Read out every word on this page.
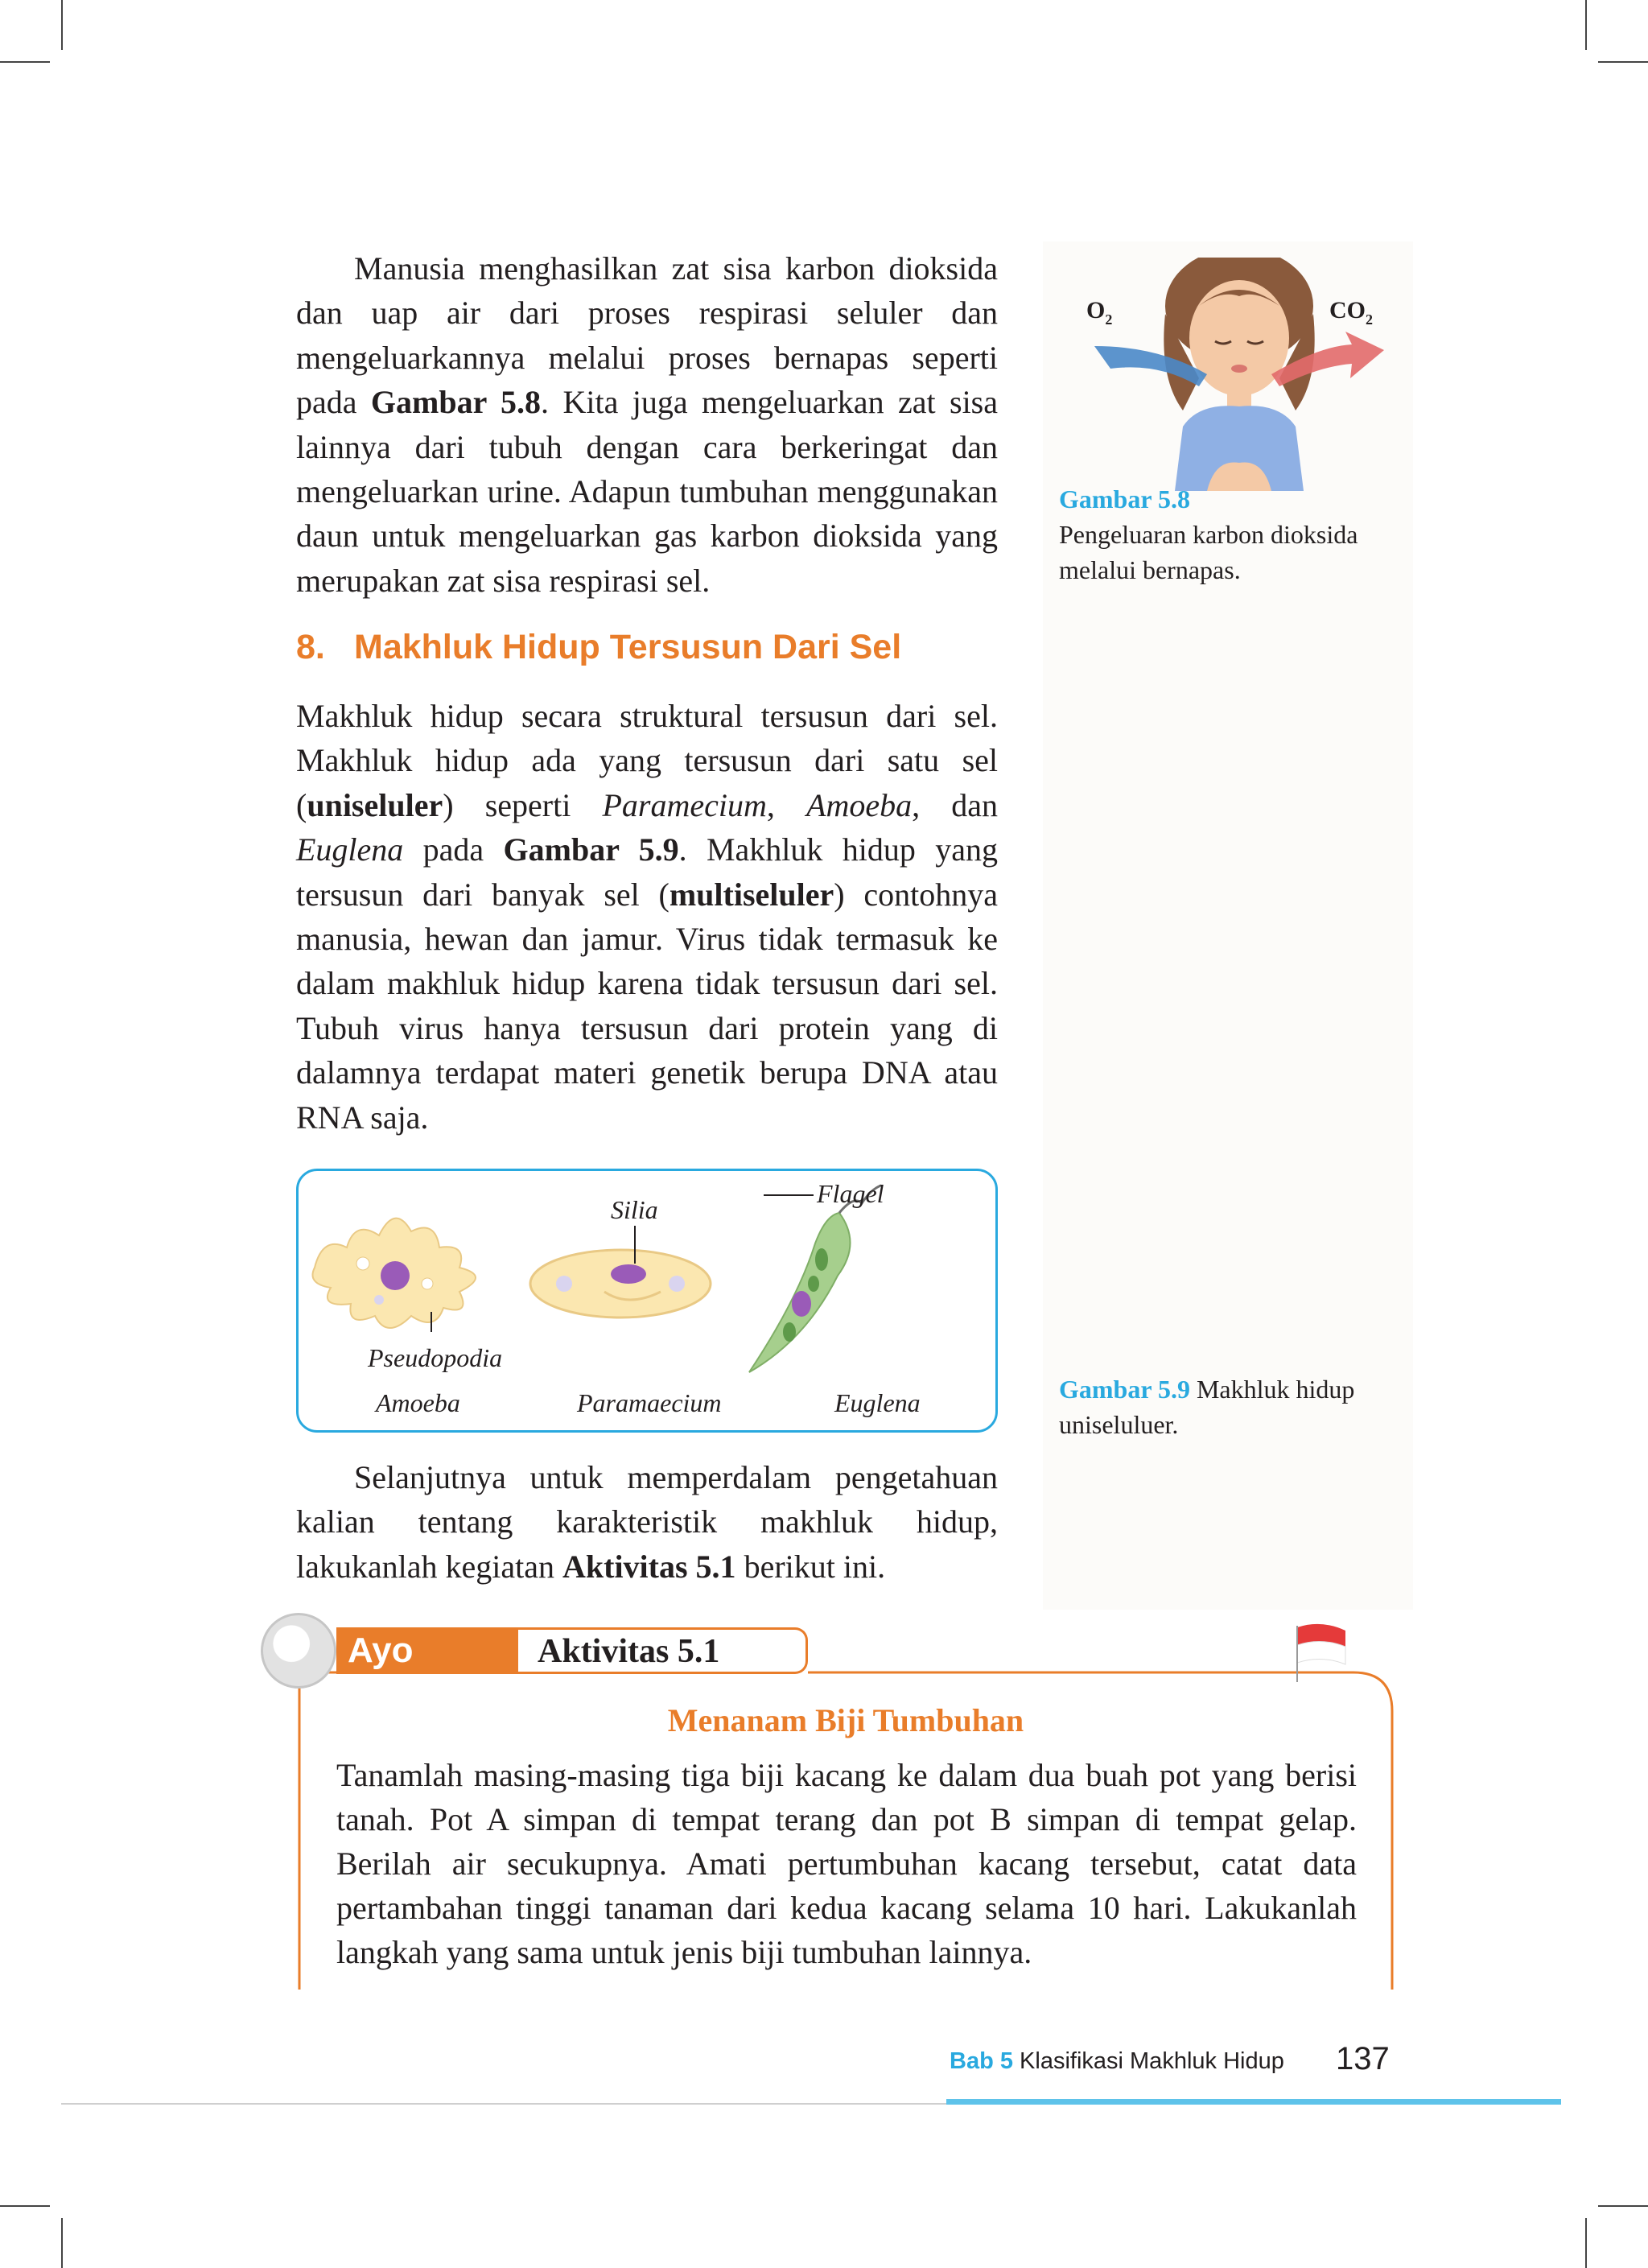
Manusia menghasilkan zat sisa karbon dioksida dan uap air dari proses respirasi seluler dan mengeluarkannya melalui proses bernapas seperti pada Gambar 5.8. Kita juga mengeluarkan zat sisa lainnya dari tubuh dengan cara berkeringat dan mengeluarkan urine. Adapun tumbuhan menggunakan daun untuk mengeluarkan gas karbon dioksida yang merupakan zat sisa respirasi sel.

$O_2$	$CO_2$
Gambar 5.8
Pengeluaran karbon dioksida melalui bernapas.
8. Makhluk Hidup Tersusun Dari Sel

Makhluk hidup secara struktural tersusun dari sel. Makhluk hidup ada yang tersusun dari satu sel (uniseluler) seperti Paramecium, Amoeba, dan Euglena pada Gambar 5.9. Makhluk hidup yang tersusun dari banyak sel (multiseluler) contohnya manusia, hewan dan jamur. Virus tidak termasuk ke dalam makhluk hidup karena tidak tersusun dari sel. Tubuh virus hanya tersusun dari protein yang di dalamnya terdapat materi genetik berupa DNA atau RNA saja.

Silia
Flagel
Pseudopodia
Amoeba	Paramaecium	Euglena	Gambar 5.9 Makhluk hidup uniseluluer.

Selanjutnya untuk memperdalam pengetahuan kalian tentang karakteristik makhluk hidup, lakukanlah kegiatan Aktivitas 5.1 berikut ini.

Ayo Amati
Aktivitas 5.1
Menanam Biji Tumbuhan

Tanamlah masing-masing tiga biji kacang ke dalam dua buah pot yang berisi tanah. Pot A simpan di tempat terang dan pot B simpan di tempat gelap. Berilah air secukupnya. Amati pertumbuhan kacang tersebut, catat data pertambahan tinggi tanaman dari kedua kacang selama 10 hari. Lakukanlah langkah yang sama untuk jenis biji tumbuhan lainnya.

Bab 5 Klasifikasi Makhluk Hidup 137
